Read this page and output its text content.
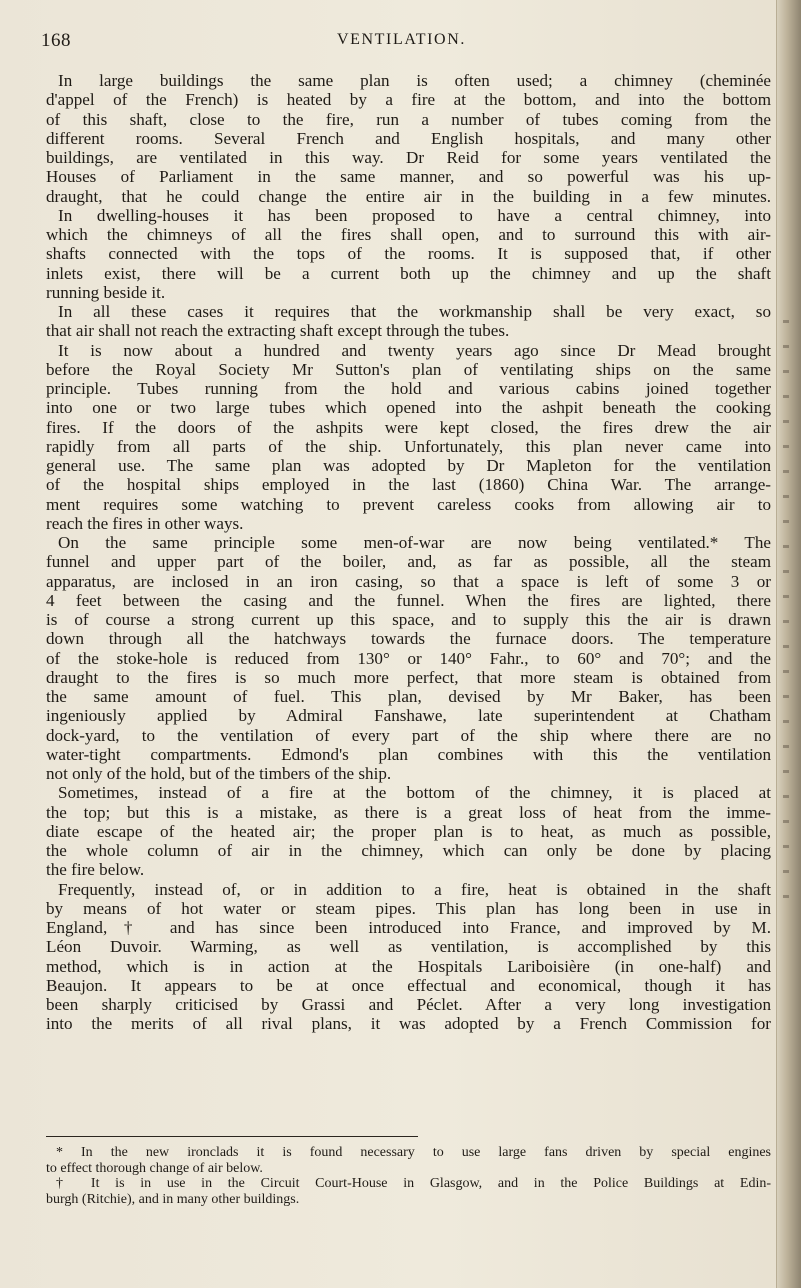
168	VENTILATION.
In large buildings the same plan is often used; a chimney (cheminée
d'appel of the French) is heated by a fire at the bottom, and into the bottom
of this shaft, close to the fire, run a number of tubes coming from the
different rooms. Several French and English hospitals, and many other
buildings, are ventilated in this way. Dr Reid for some years ventilated the
Houses of Parliament in the same manner, and so powerful was his up-
draught, that he could change the entire air in the building in a few minutes.
In dwelling-houses it has been proposed to have a central chimney, into
which the chimneys of all the fires shall open, and to surround this with air-
shafts connected with the tops of the rooms. It is supposed that, if other
inlets exist, there will be a current both up the chimney and up the shaft
running beside it.
In all these cases it requires that the workmanship shall be very exact, so
that air shall not reach the extracting shaft except through the tubes.
It is now about a hundred and twenty years ago since Dr Mead brought
before the Royal Society Mr Sutton's plan of ventilating ships on the same
principle. Tubes running from the hold and various cabins joined together
into one or two large tubes which opened into the ashpit beneath the cooking
fires. If the doors of the ashpits were kept closed, the fires drew the air
rapidly from all parts of the ship. Unfortunately, this plan never came into
general use. The same plan was adopted by Dr Mapleton for the ventilation
of the hospital ships employed in the last (1860) China War. The arrange-
ment requires some watching to prevent careless cooks from allowing air to
reach the fires in other ways.
On the same principle some men-of-war are now being ventilated.* The
funnel and upper part of the boiler, and, as far as possible, all the steam
apparatus, are inclosed in an iron casing, so that a space is left of some 3 or
4 feet between the casing and the funnel. When the fires are lighted, there
is of course a strong current up this space, and to supply this the air is drawn
down through all the hatchways towards the furnace doors. The temperature
of the stoke-hole is reduced from 130° or 140° Fahr., to 60° and 70°; and the
draught to the fires is so much more perfect, that more steam is obtained from
the same amount of fuel. This plan, devised by Mr Baker, has been
ingeniously applied by Admiral Fanshawe, late superintendent at Chatham
dock-yard, to the ventilation of every part of the ship where there are no
water-tight compartments. Edmond's plan combines with this the ventilation
not only of the hold, but of the timbers of the ship.
Sometimes, instead of a fire at the bottom of the chimney, it is placed at
the top; but this is a mistake, as there is a great loss of heat from the imme-
diate escape of the heated air; the proper plan is to heat, as much as possible,
the whole column of air in the chimney, which can only be done by placing
the fire below.
Frequently, instead of, or in addition to a fire, heat is obtained in the shaft
by means of hot water or steam pipes. This plan has long been in use in
England,† and has since been introduced into France, and improved by M.
Léon Duvoir. Warming, as well as ventilation, is accomplished by this
method, which is in action at the Hospitals Lariboisière (in one-half) and
Beaujon. It appears to be at once effectual and economical, though it has
been sharply criticised by Grassi and Péclet. After a very long investigation
into the merits of all rival plans, it was adopted by a French Commission for
* In the new ironclads it is found necessary to use large fans driven by special engines
to effect thorough change of air below.
† It is in use in the Circuit Court-House in Glasgow, and in the Police Buildings at Edin-
burgh (Ritchie), and in many other buildings.
